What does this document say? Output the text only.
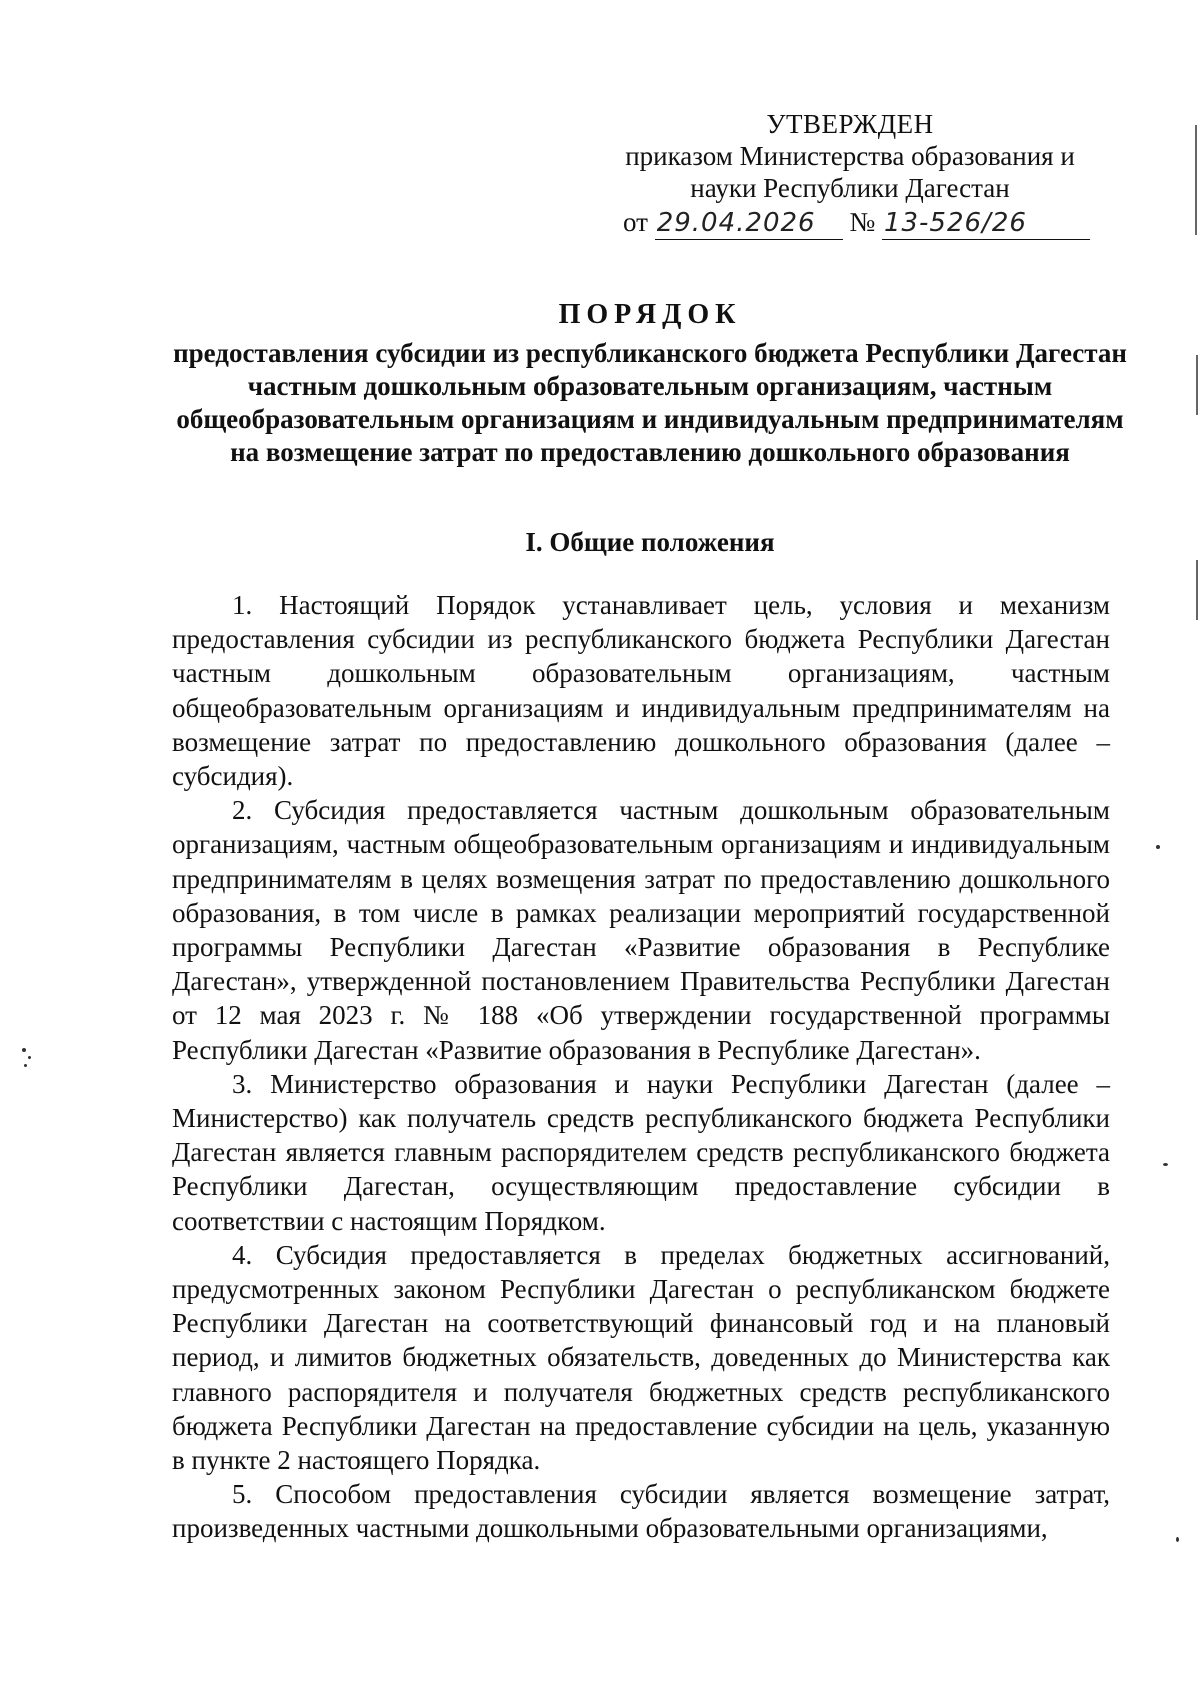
УТВЕРЖДЕН
приказом Министерства образования и
науки Республики Дагестан
от 29.04.2026 № 13-526/26
ПОРЯДОК
предоставления субсидии из республиканского бюджета Республики Дагестан частным дошкольным образовательным организациям, частным общеобразовательным организациям и индивидуальным предпринимателям на возмещение затрат по предоставлению дошкольного образования
I. Общие положения

1. Настоящий Порядок устанавливает цель, условия и механизм предоставления субсидии из республиканского бюджета Республики Дагестан частным дошкольным образовательным организациям, частным общеобразовательным организациям и индивидуальным предпринимателям на возмещение затрат по предоставлению дошкольного образования (далее – субсидия).

2. Субсидия предоставляется частным дошкольным образовательным организациям, частным общеобразовательным организациям и индивидуальным предпринимателям в целях возмещения затрат по предоставлению дошкольного образования, в том числе в рамках реализации мероприятий государственной программы Республики Дагестан «Развитие образования в Республике Дагестан», утвержденной постановлением Правительства Республики Дагестан от 12 мая 2023 г. № 188 «Об утверждении государственной программы Республики Дагестан «Развитие образования в Республике Дагестан».

3. Министерство образования и науки Республики Дагестан (далее – Министерство) как получатель средств республиканского бюджета Республики Дагестан является главным распорядителем средств республиканского бюджета Республики Дагестан, осуществляющим предоставление субсидии в соответствии с настоящим Порядком.

4. Субсидия предоставляется в пределах бюджетных ассигнований, предусмотренных законом Республики Дагестан о республиканском бюджете Республики Дагестан на соответствующий финансовый год и на плановый период, и лимитов бюджетных обязательств, доведенных до Министерства как главного распорядителя и получателя бюджетных средств республиканского бюджета Республики Дагестан на предоставление субсидии на цель, указанную в пункте 2 настоящего Порядка.

5. Способом предоставления субсидии является возмещение затрат, произведенных частными дошкольными образовательными организациями,
